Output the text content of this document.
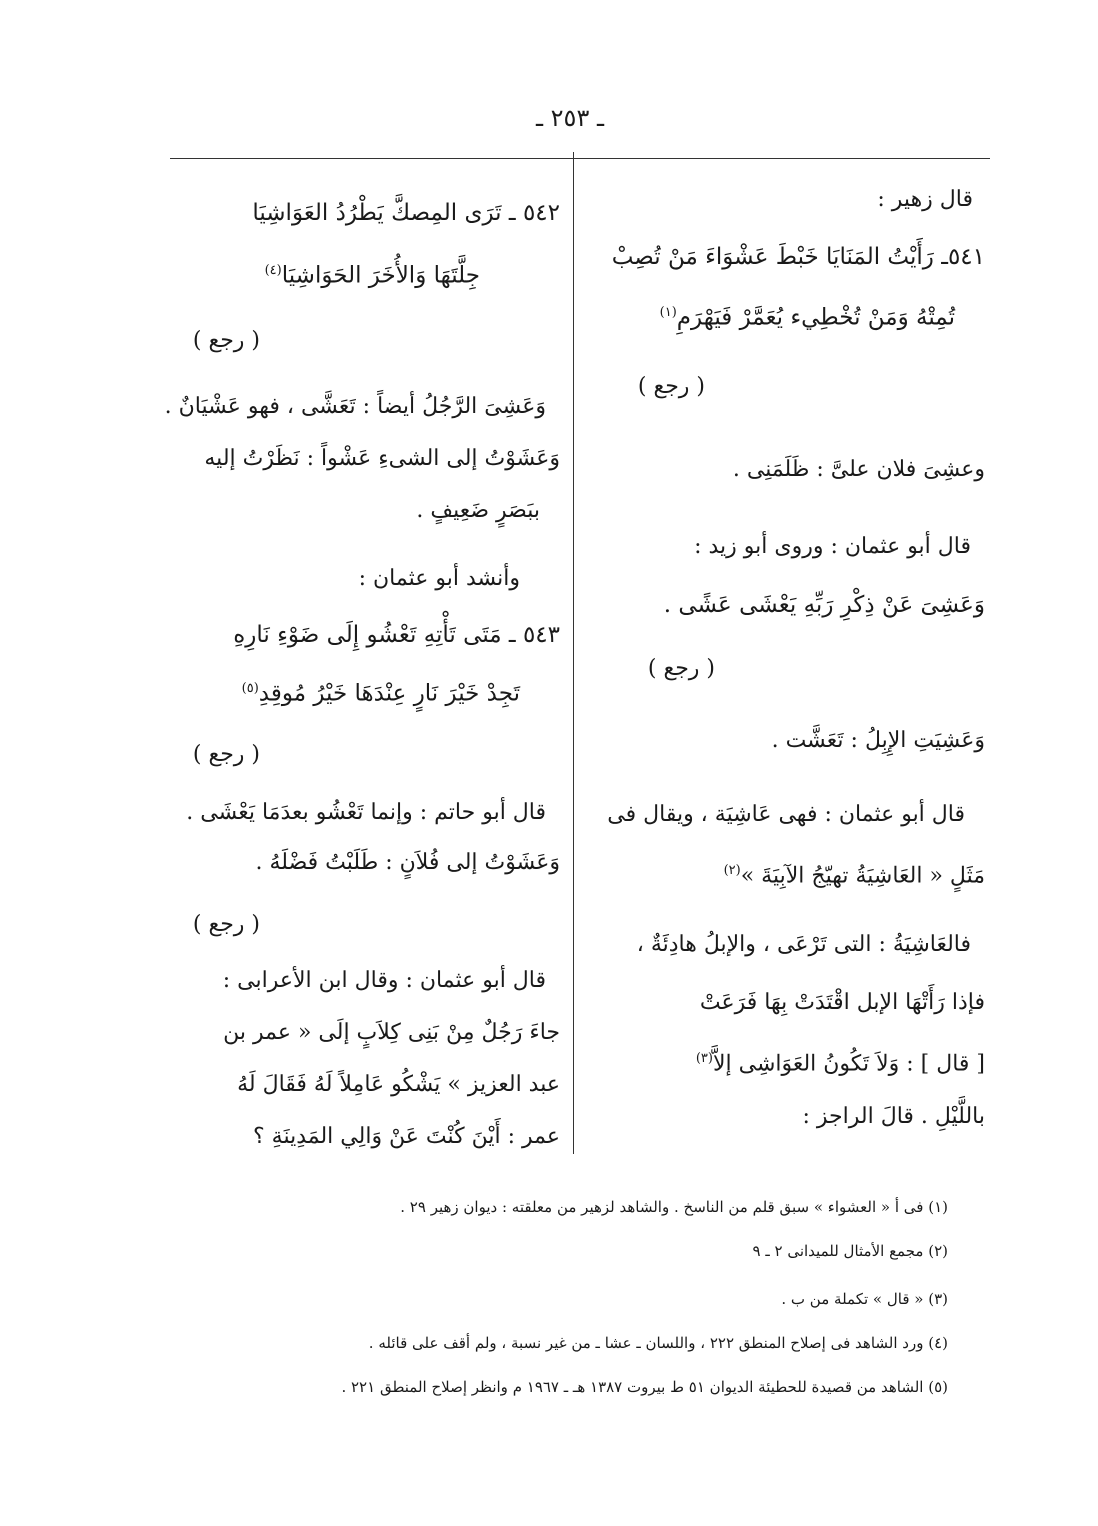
ـ ٢٥٣ ـ
قال زهير :
٥٤١ـ رَأَيْتُ المَنَايَا خَبْطَ عَشْوَاءَ مَنْ تُصِبْ
تُمِتْهُ وَمَنْ تُخْطِيء يُعَمَّرْ فَيَهْرَمِ$^{(١)}$
( رجع )
وعشِىَ فلان علىَّ : ظَلَمَنِى .
قال أبو عثمان : وروى أبو زيد :
وَعَشِىَ عَنْ ذِكْرِ رَبِّهِ يَعْشَى عَشًى .
( رجع )
وَعَشِيَتِ الإِبِلُ : تَعَشَّت .
قال أبو عثمان : فهى عَاشِيَة ، ويقال فى
مَثَلٍ « العَاشِيَةُ تهيّجُ الآبِيَةَ »$^{(٢)}$
فالعَاشِيَةُ : التى تَرْعَى ، والإبلُ هادِئَةٌ ،
فإذا رَأَتْهَا الإبل اقْتَدَتْ بِهَا فَرَعَتْ
[ قال ] : وَلاَ تَكُونُ العَوَاشِى إلاَّ$^{(٣)}$
باللَّيْلِ . قالَ الراجز :
٥٤٢ ـ تَرَى المِصكَّ يَطْرُدُ العَوَاشِيَا
جِلَّتَهَا وَالأُخَرَ الحَوَاشِيَا$^{(٤)}$
( رجع )
وَعَشِىَ الرَّجُلُ أيضاً : تَعَشَّى ، فهو عَشْيَانٌ .
وَعَشَوْتُ إلى الشىءِ عَشْواً : نَظَرْتُ إليه
ببَصَرٍ ضَعِيفٍ .
وأنشد أبو عثمان :
٥٤٣ ـ مَتَى تَأْتِهِ تَعْشُو إِلَى ضَوْءِ نَارِهِ
تَجِدْ خَيْرَ نَارٍ عِنْدَهَا خَيْرُ مُوقِدِ$^{(٥)}$
( رجع )
قال أبو حاتم : وإنما تَعْشُو بعدَمَا يَعْشَى .
وَعَشَوْتُ إلى فُلاَنٍ : طَلَبْتُ فَضْلَهُ .
( رجع )
قال أبو عثمان : وقال ابن الأعرابى :
جاءَ رَجُلٌ مِنْ بَنِى كِلاَبٍ إلَى « عمر بن
عبد العزيز » يَشْكُو عَامِلاً لَهُ فَقَالَ لَهُ
عمر : أَيْنَ كُنْتَ عَنْ وَالِي المَدِينَةِ ؟
(١) فى أ « العشواء » سبق قلم من الناسخ . والشاهد لزهير من معلقته : ديوان زهير ٢٩ .
(٢) مجمع الأمثال للميدانى ٢ ـ ٩
(٣) « قال » تكملة من ب .
(٤) ورد الشاهد فى إصلاح المنطق ٢٢٢ ، واللسان ـ عشا ـ من غير نسبة ، ولم أقف على قائله .
(٥) الشاهد من قصيدة للحطيئة الديوان ٥١ ط بيروت ١٣٨٧ هـ ـ ١٩٦٧ م وانظر إصلاح المنطق ٢٢١ .
